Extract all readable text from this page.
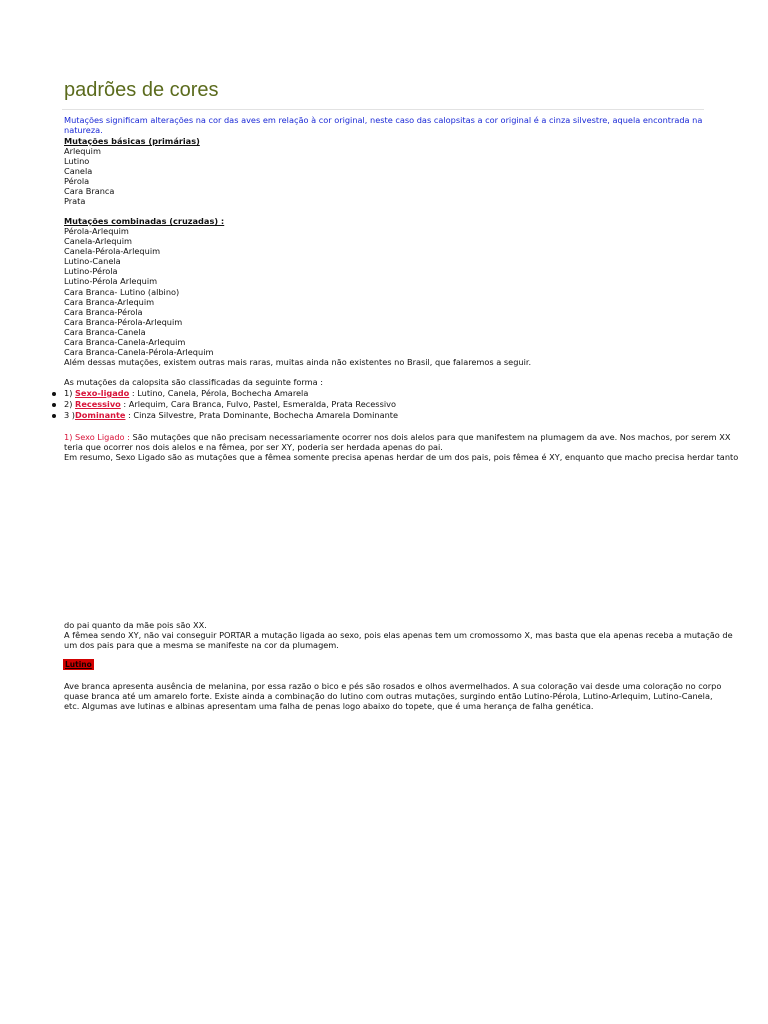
padrões de cores
Mutações significam alterações na cor das aves em relação à cor original, neste caso das calopsitas a cor original é a cinza silvestre, aquela encontrada na natureza.
Mutações básicas (primárias)
Arlequim
Lutino
Canela
Pérola
Cara Branca
Prata
Mutações combinadas (cruzadas) :
Pérola-Arlequim
Canela-Arlequim
Canela-Pérola-Arlequim
Lutino-Canela
Lutino-Pérola
Lutino-Pérola Arlequim
Cara Branca- Lutino (albino)
Cara Branca-Arlequim
Cara Branca-Pérola
Cara Branca-Pérola-Arlequim
Cara Branca-Canela
Cara Branca-Canela-Arlequim
Cara Branca-Canela-Pérola-Arlequim
Além dessas mutações, existem outras mais raras, muitas ainda não existentes no Brasil, que falaremos a seguir.
As mutações da calopsita são classificadas da seguinte forma :
1) Sexo-ligado : Lutino, Canela, Pérola, Bochecha Amarela
2) Recessivo : Arlequim, Cara Branca, Fulvo, Pastel, Esmeralda, Prata Recessivo
3 )Dominante : Cinza Silvestre, Prata Dominante, Bochecha Amarela Dominante
1) Sexo Ligado : São mutações que não precisam necessariamente ocorrer nos dois alelos para que manifestem na plumagem da ave. Nos machos, por serem XX
teria que ocorrer nos dois alelos e na fêmea, por ser XY, poderia ser herdada apenas do pai.
Em resumo, Sexo Ligado são as mutações que a fêmea somente precisa apenas herdar de um dos pais, pois fêmea é XY, enquanto que macho precisa herdar tanto
do pai quanto da mãe pois são XX.
A fêmea sendo XY, não vai conseguir PORTAR a mutação ligada ao sexo, pois elas apenas tem um cromossomo X, mas basta que ela apenas receba a mutação de
um dos pais para que a mesma se manifeste na cor da plumagem.
Lutino
Ave branca apresenta ausência de melanina, por essa razão o bico e pés são rosados e olhos avermelhados. A sua coloração vai desde uma coloração no corpo
quase branca até um amarelo forte. Existe ainda a combinação do lutino com outras mutações, surgindo então Lutino-Pérola, Lutino-Arlequim, Lutino-Canela,
etc. Algumas ave lutinas e albinas apresentam uma falha de penas logo abaixo do topete, que é uma herança de falha genética.
